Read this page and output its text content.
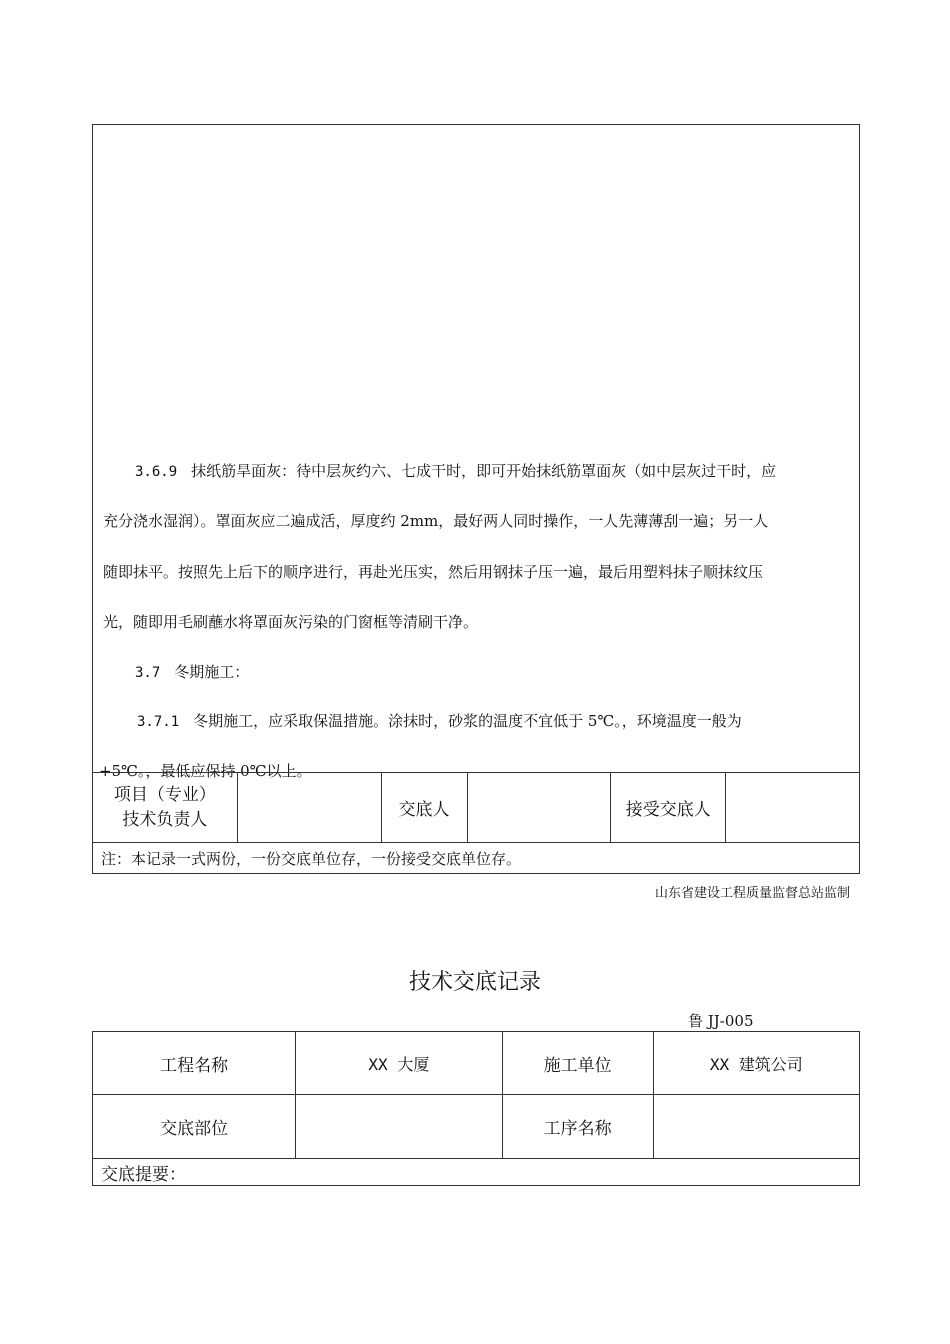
3.6.9 抹纸筋旱面灰：待中层灰约六、七成干时，即可开始抹纸筋罩面灰（如中层灰过干时，应
充分浇水湿润）。罩面灰应二遍成活，厚度约 2mm，最好两人同时操作，一人先薄薄刮一遍；另一人
随即抹平。按照先上后下的顺序进行，再赴光压实，然后用钢抹子压一遍，最后用塑料抹子顺抹纹压
光，随即用毛刷蘸水将罩面灰污染的门窗框等清刷干净。
3.7 冬期施工：
3.7.1 冬期施工，应采取保温措施。涂抹时，砂浆的温度不宜低于 5℃。，环境温度一般为
+5℃。，最低应保持 0℃以上。
项目（专业）
技术负责人		交底人		接受交底人	
注：本记录一式两份，一份交底单位存，一份接受交底单位存。
山东省建设工程质量监督总站监制
技术交底记录
鲁 JJ-005
工程名称	XX 大厦	施工单位	XX 建筑公司
交底部位		工序名称	
交底提要：			
